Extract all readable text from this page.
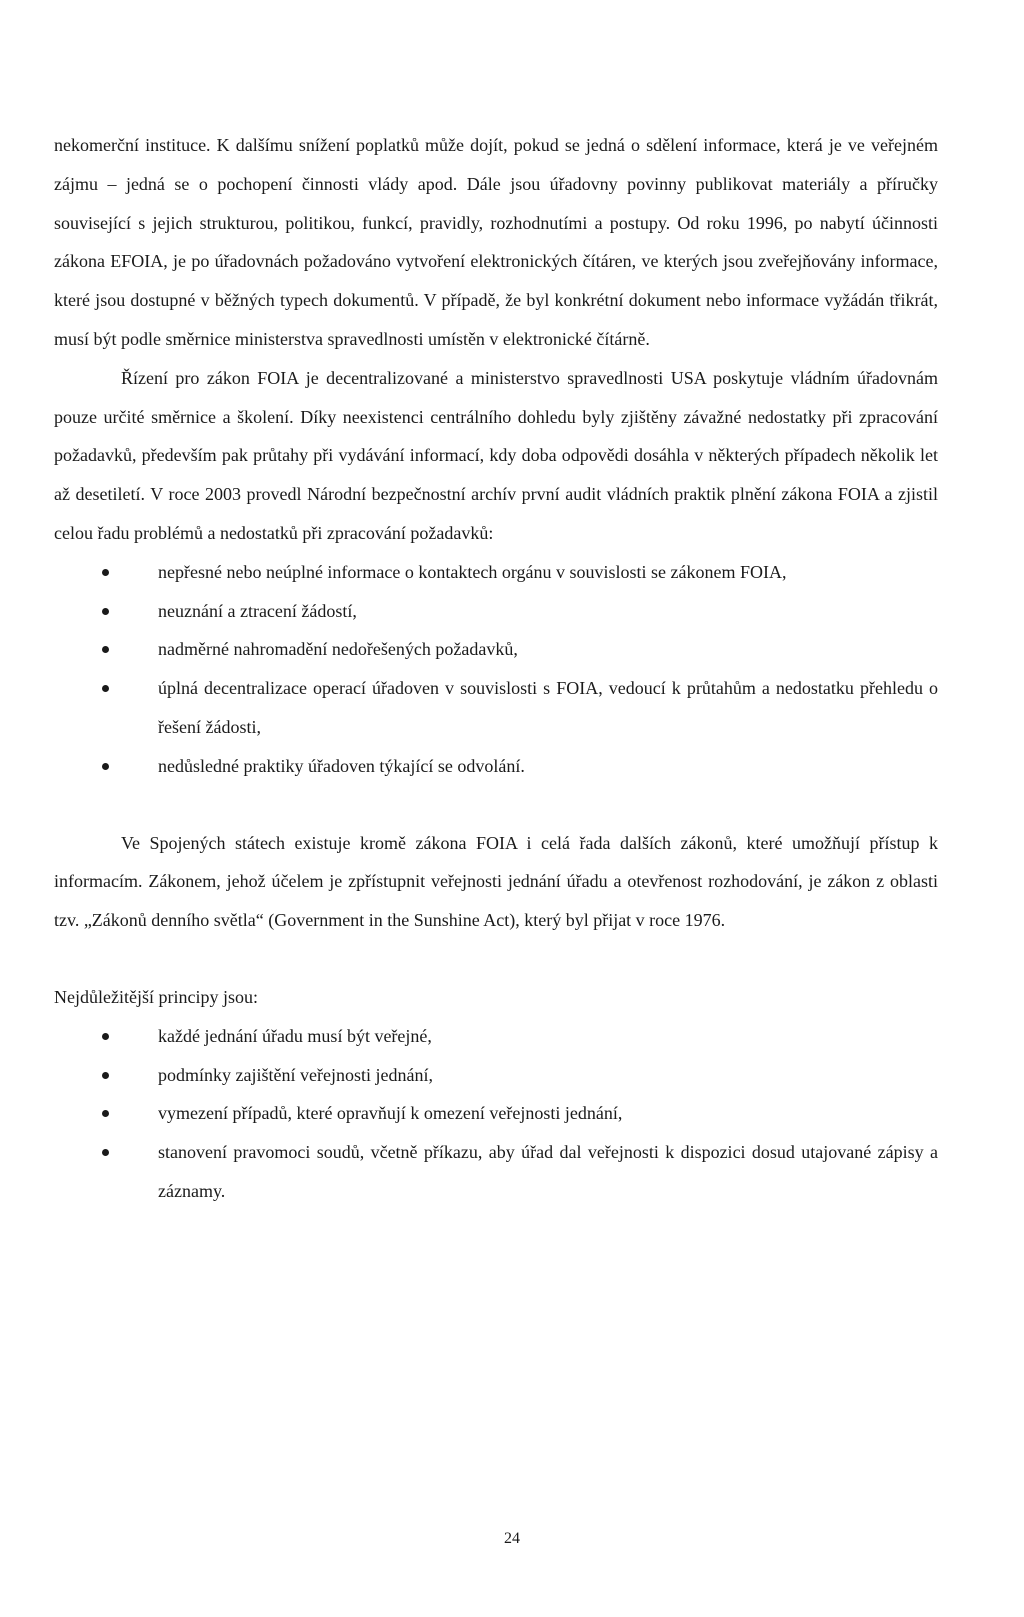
nekomerční instituce. K dalšímu snížení poplatků může dojít, pokud se jedná o sdělení informace, která je ve veřejném zájmu – jedná se o pochopení činnosti vlády apod. Dále jsou úřadovny povinny publikovat materiály a příručky související s jejich strukturou, politikou, funkcí, pravidly, rozhodnutími a postupy. Od roku 1996, po nabytí účinnosti zákona EFOIA, je po úřadovnách požadováno vytvoření elektronických čítáren, ve kterých jsou zveřejňovány informace, které jsou dostupné v běžných typech dokumentů. V případě, že byl konkrétní dokument nebo informace vyžádán třikrát, musí být podle směrnice ministerstva spravedlnosti umístěn v elektronické čítárně.

Řízení pro zákon FOIA je decentralizované a ministerstvo spravedlnosti USA poskytuje vládním úřadovnám pouze určité směrnice a školení. Díky neexistenci centrálního dohledu byly zjištěny závažné nedostatky při zpracování požadavků, především pak průtahy při vydávání informací, kdy doba odpovědi dosáhla v některých případech několik let až desetiletí. V roce 2003 provedl Národní bezpečnostní archív první audit vládních praktik plnění zákona FOIA a zjistil celou řadu problémů a nedostatků při zpracování požadavků:

nepřesné nebo neúplné informace o kontaktech orgánu v souvislosti se zákonem FOIA,
neuznání a ztracení žádostí,
nadměrné nahromadění nedořešených požadavků,
úplná decentralizace operací úřadoven v souvislosti s FOIA, vedoucí k průtahům a nedostatku přehledu o řešení žádosti,
nedůsledné praktiky úřadoven týkající se odvolání.

Ve Spojených státech existuje kromě zákona FOIA i celá řada dalších zákonů, které umožňují přístup k informacím. Zákonem, jehož účelem je zpřístupnit veřejnosti jednání úřadu a otevřenost rozhodování, je zákon z oblasti tzv. „Zákonů denního světla“ (Government in the Sunshine Act), který byl přijat v roce 1976.

Nejdůležitější principy jsou:

každé jednání úřadu musí být veřejné,
podmínky zajištění veřejnosti jednání,
vymezení případů, které opravňují k omezení veřejnosti jednání,
stanovení pravomoci soudů, včetně příkazu, aby úřad dal veřejnosti k dispozici dosud utajované zápisy a záznamy.
24
